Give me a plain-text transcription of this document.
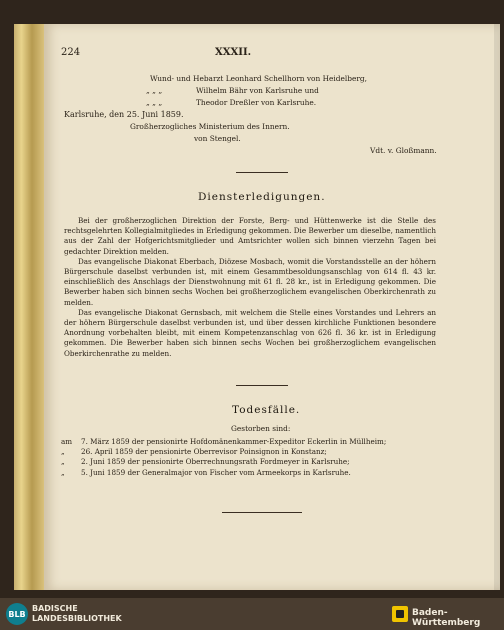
224	XXXII.
Wund- und Hebarzt Leonhard Schellhorn von Heidelberg,
„ „ „	Wilhelm Bähr von Karlsruhe und
„ „ „	Theodor Dreßler von Karlsruhe.
Karlsruhe, den 25. Juni 1859.
Großherzogliches Ministerium des Innern.
von Stengel.
Vdt. v. Gloßmann.
Diensterledigungen.

Bei der großherzoglichen Direktion der Forste, Berg- und Hüttenwerke ist die Stelle des rechtsgelehrten Kollegialmitgliedes in Erledigung gekommen. Die Bewerber um dieselbe, namentlich aus der Zahl der Hofgerichtsmitglieder und Amtsrichter wollen sich binnen vierzehn Tagen bei gedachter Direktion melden.

Das evangelische Diakonat Eberbach, Diözese Mosbach, womit die Vorstandsstelle an der höhern Bürgerschule daselbst verbunden ist, mit einem Gesammtbesoldungsanschlag von 614 fl. 43 kr. einschließlich des Anschlags der Dienstwohnung mit 61 fl. 28 kr., ist in Erledigung gekommen. Die Bewerber haben sich binnen sechs Wochen bei großherzoglichem evangelischen Oberkirchenrath zu melden.

Das evangelische Diakonat Gernsbach, mit welchem die Stelle eines Vorstandes und Lehrers an der höhern Bürgerschule daselbst verbunden ist, und über dessen kirchliche Funktionen besondere Anordnung vorbehalten bleibt, mit einem Kompetenzanschlag von 626 fl. 36 kr. ist in Erledigung gekommen. Die Bewerber haben sich binnen sechs Wochen bei großherzoglichem evangelischen Oberkirchenrathe zu melden.

Todesfälle.
Gestorben sind:
am 7. März 1859 der pensionirte Hofdomänenkammer-Expeditor Eckerlin in Müllheim;
„ 26. April 1859 der pensionirte Oberrevisor Poinsignon in Konstanz;
„ 2. Juni 1859 der pensionirte Oberrechnungsrath Fordmeyer in Karlsruhe;
„ 5. Juni 1859 der Generalmajor von Fischer vom Armeekorps in Karlsruhe.
BLB
BADISCHE
LANDESBIBLIOTHEK
Baden-Württemberg
